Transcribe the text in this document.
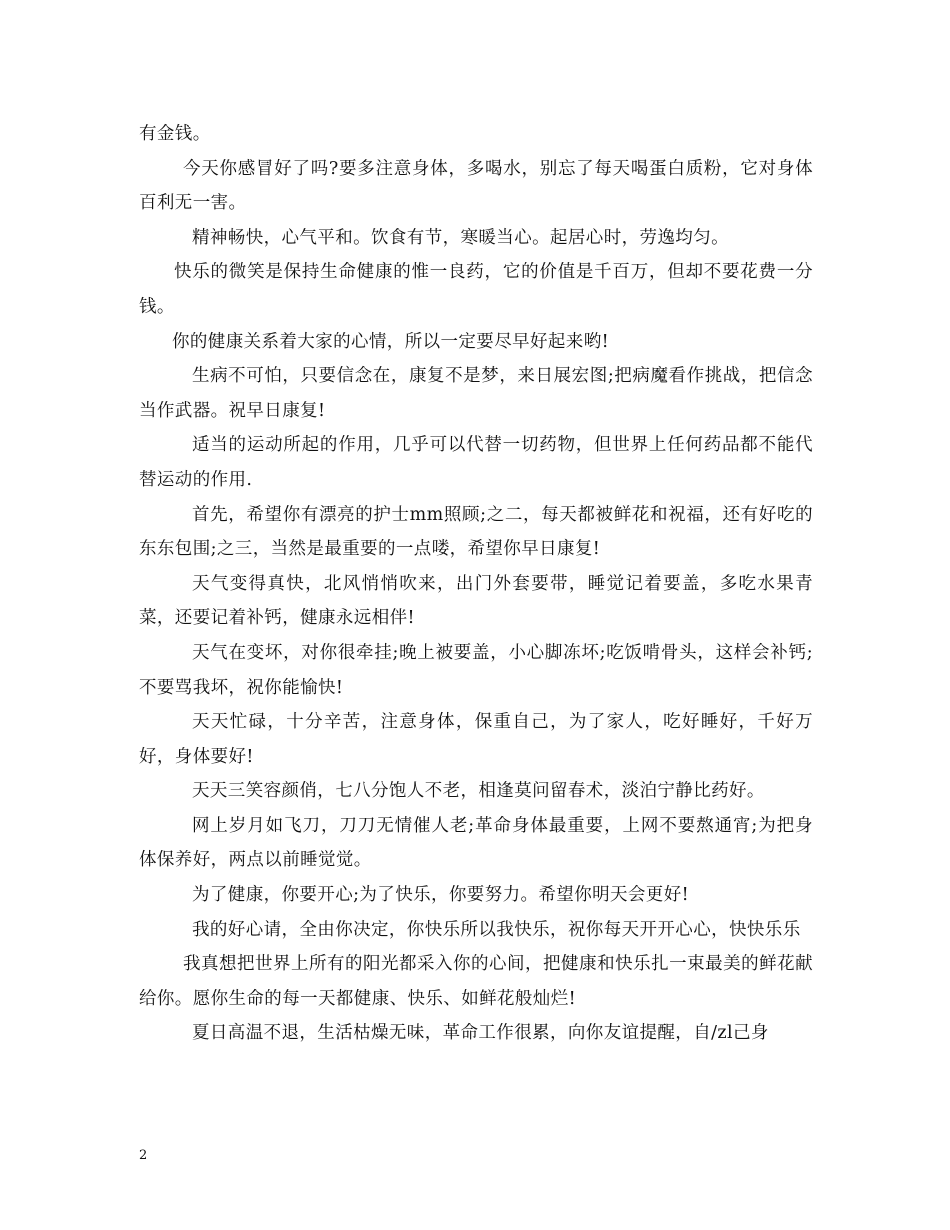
有金钱。

今天你感冒好了吗?要多注意身体，多喝水，别忘了每天喝蛋白质粉，它对身体百利无一害。

精神畅快，心气平和。饮食有节，寒暖当心。起居心时，劳逸均匀。

快乐的微笑是保持生命健康的惟一良药，它的价值是千百万，但却不要花费一分钱。

你的健康关系着大家的心情，所以一定要尽早好起来哟!

生病不可怕，只要信念在，康复不是梦，来日展宏图;把病魔看作挑战，把信念当作武器。祝早日康复!

适当的运动所起的作用，几乎可以代替一切药物，但世界上任何药品都不能代替运动的作用.

首先，希望你有漂亮的护士mm照顾;之二，每天都被鲜花和祝福，还有好吃的东东包围;之三，当然是最重要的一点喽，希望你早日康复!

天气变得真快，北风悄悄吹来，出门外套要带，睡觉记着要盖，多吃水果青菜，还要记着补钙，健康永远相伴!

天气在变坏，对你很牵挂;晚上被要盖，小心脚冻坏;吃饭啃骨头，这样会补钙;不要骂我坏，祝你能愉快!

天天忙碌，十分辛苦，注意身体，保重自己，为了家人，吃好睡好，千好万好，身体要好!

天天三笑容颜俏，七八分饱人不老，相逢莫问留春术，淡泊宁静比药好。

网上岁月如飞刀，刀刀无情催人老;革命身体最重要，上网不要熬通宵;为把身体保养好，两点以前睡觉觉。

为了健康，你要开心;为了快乐，你要努力。希望你明天会更好!

我的好心请，全由你决定，你快乐所以我快乐，祝你每天开开心心，快快乐乐

我真想把世界上所有的阳光都采入你的心间，把健康和快乐扎一束最美的鲜花献给你。愿你生命的每一天都健康、快乐、如鲜花般灿烂!

夏日高温不退，生活枯燥无味，革命工作很累，向你友谊提醒，自/zl己身

2
